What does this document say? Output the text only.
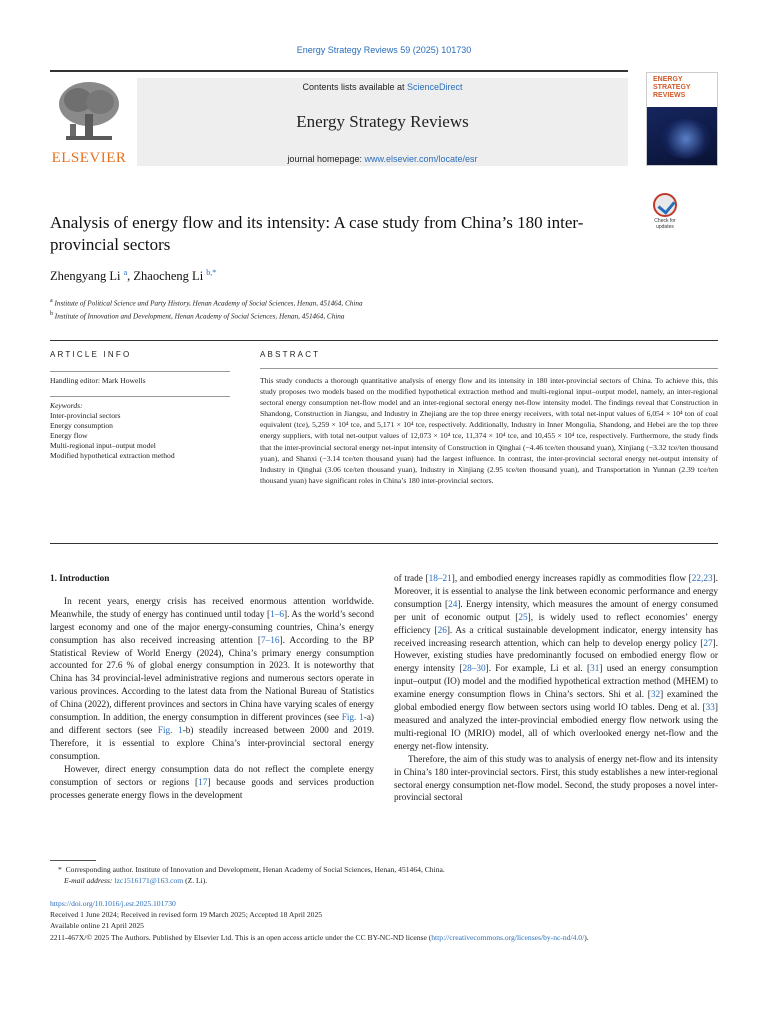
Energy Strategy Reviews 59 (2025) 101730
ELSEVIER
Contents lists available at ScienceDirect
Energy Strategy Reviews
journal homepage: www.elsevier.com/locate/esr
ENERGY
STRATEGY
REVIEWS
Analysis of energy flow and its intensity: A case study from China’s 180 inter-provincial sectors
Check for updates
Zhengyang Li $^a$, Zhaocheng Li $^{b,*}$
$^a$ Institute of Political Science and Party History, Henan Academy of Social Sciences, Henan, 451464, China
$^b$ Institute of Innovation and Development, Henan Academy of Social Sciences, Henan, 451464, China
ARTICLE INFO	ABSTRACT
Handling editor: Mark Howells
Keywords:
Inter-provincial sectors
Energy consumption
Energy flow
Multi-regional input–output model
Modified hypothetical extraction method
This study conducts a thorough quantitative analysis of energy flow and its intensity in 180 inter-provincial sectors of China. To achieve this, this study proposes two models based on the modified hypothetical extraction method and multi-regional input–output model, namely, an inter-regional sectoral energy consumption net-flow model and an inter-regional sectoral energy net-flow intensity model. The findings reveal that Construction in Shandong, Construction in Jiangsu, and Industry in Zhejiang are the top three energy receivers, with total net-input values of 6,054 × 10⁴ ton of coal equivalent (tce), 5,259 × 10⁴ tce, and 5,171 × 10⁴ tce, respectively. Additionally, Industry in Inner Mongolia, Shandong, and Hebei are the top three energy suppliers, with total net-output values of 12,073 × 10⁴ tce, 11,374 × 10⁴ tce, and 10,455 × 10⁴ tce, respectively. Furthermore, the study finds that the inter-provincial sectoral energy net-input intensity of Construction in Qinghai (−4.46 tce/ten thousand yuan), Xinjiang (−3.32 tce/ten thousand yuan), and Shanxi (−3.14 tce/ten thousand yuan) had the largest influence. In contrast, the inter-provincial sectoral energy net-output intensity of Industry in Qinghai (3.06 tce/ten thousand yuan), Industry in Xinjiang (2.95 tce/ten thousand yuan), and Transportation in Yunnan (2.39 tce/ten thousand yuan) have significant roles in China’s 180 inter-provincial sectors.
1. Introduction

In recent years, energy crisis has received enormous attention worldwide. Meanwhile, the study of energy has continued until today [1–6]. As the world’s second largest economy and one of the major energy-consuming countries, China’s energy consumption has also received increasing attention [7–16]. According to the BP Statistical Review of World Energy (2024), China’s primary energy consumption accounted for 27.6 % of global energy consumption in 2023. It is noteworthy that China has 34 provincial-level administrative regions and numerous sectors operate in various provinces. According to the latest data from the National Bureau of Statistics of China (2022), different provinces and sectors in China have varying scales of energy consumption. In addition, the energy consumption in different provinces (see Fig. 1-a) and different sectors (see Fig. 1-b) steadily increased between 2000 and 2019. Therefore, it is essential to explore China’s inter-provincial sectoral energy consumption.

However, direct energy consumption data do not reflect the complete energy consumption of sectors or regions [17] because goods and services production processes generate energy flows in the development

of trade [18–21], and embodied energy increases rapidly as commodities flow [22,23]. Moreover, it is essential to analyse the link between economic performance and energy consumption [24]. Energy intensity, which measures the amount of energy consumed per unit of economic output [25], is widely used to reflect economies’ energy efficiency [26]. As a critical sustainable development indicator, energy intensity has received increasing research attention, which can help to develop energy policy [27]. However, existing studies have predominantly focused on embodied energy flow or energy intensity [28–30]. For example, Li et al. [31] used an energy consumption input–output (IO) model and the modified hypothetical extraction method (MHEM) to examine energy consumption flows in China’s sectors. Shi et al. [32] examined the global embodied energy flow between sectors using world IO tables. Deng et al. [33] measured and analyzed the inter-provincial embodied energy flow network using the multi-regional IO (MRIO) model, all of which overlooked energy net-flow and the energy net-flow intensity.

Therefore, the aim of this study was to analysis of energy net-flow and its intensity in China’s 180 inter-provincial sectors. First, this study establishes a new inter-regional sectoral energy consumption net-flow model. Second, the study proposes a novel inter-provincial sectoral

*  Corresponding author. Institute of Innovation and Development, Henan Academy of Social Sciences, Henan, 451464, China.
E-mail address: lzc1516171@163.com (Z. Li).
https://doi.org/10.1016/j.esr.2025.101730
Received 1 June 2024; Received in revised form 19 March 2025; Accepted 18 April 2025
Available online 21 April 2025
2211-467X/© 2025 The Authors. Published by Elsevier Ltd. This is an open access article under the CC BY-NC-ND license (http://creativecommons.org/licenses/by-nc-nd/4.0/).
